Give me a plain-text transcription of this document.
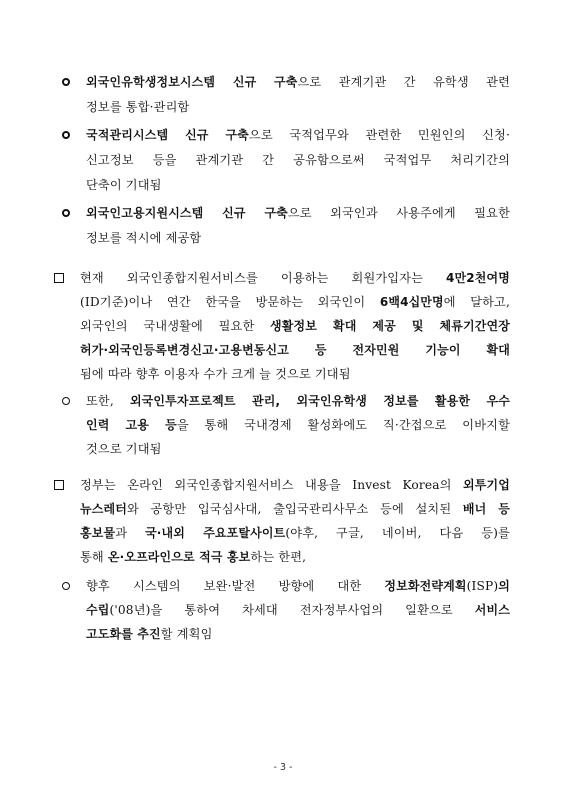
외국인유학생정보시스템 신규 구축으로 관계기관 간 유학생 관련
정보를 통합·관리함
국적관리시스템 신규 구축으로 국적업무와 관련한 민원인의 신청·
신고정보 등을 관계기관 간 공유함으로써 국적업무 처리기간의
단축이 기대됨
외국인고용지원시스템 신규 구축으로 외국인과 사용주에게 필요한
정보를 적시에 제공함
현재 외국인종합지원서비스를 이용하는 회원가입자는 4만2천여명
(ID기준)이나 연간 한국을 방문하는 외국인이 6백4십만명에 달하고,
외국인의 국내생활에 필요한 생활정보 확대 제공 및 체류기간연장
허가·외국인등록변경신고·고용변동신고 등 전자민원 기능이 확대
됨에 따라 향후 이용자 수가 크게 늘 것으로 기대됨
또한, 외국인투자프로젝트 관리, 외국인유학생 정보를 활용한 우수
인력 고용 등을 통해 국내경제 활성화에도 직·간접으로 이바지할
것으로 기대됨
정부는 온라인 외국인종합지원서비스 내용을 Invest Korea의 외투기업
뉴스레터와 공항만 입국심사대, 출입국관리사무소 등에 설치된 배너 등
홍보물과 국·내외 주요포탈사이트(야후, 구글, 네이버, 다음 등)를
통해 온·오프라인으로 적극 홍보하는 한편,
향후 시스템의 보완·발전 방향에 대한 정보화전략계획(ISP)의
수립('08년)을 통하여 차세대 전자정부사업의 일환으로 서비스
고도화를 추진할 계획임
- 3 -
